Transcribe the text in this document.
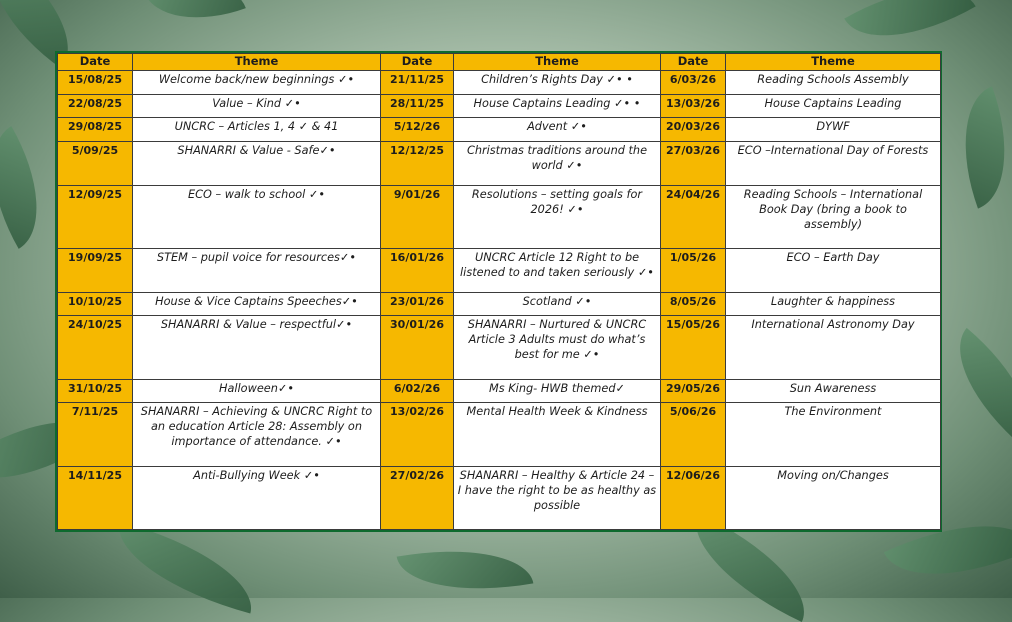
Date	Theme	Date	Theme	Date	Theme
15/08/25	Welcome back/new beginnings ✓•	21/11/25	Children’s Rights Day ✓• •	6/03/26	Reading Schools Assembly
22/08/25	Value – Kind ✓•	28/11/25	House Captains Leading ✓• •	13/03/26	House Captains Leading
29/08/25	UNCRC – Articles 1, 4 ✓ & 41	5/12/26	Advent ✓•	20/03/26	DYWF
5/09/25	SHANARRI & Value - Safe✓•	12/12/25	Christmas traditions around the world ✓•	27/03/26	ECO –International Day of Forests
12/09/25	ECO – walk to school ✓•	9/01/26	Resolutions – setting goals for 2026! ✓•	24/04/26	Reading Schools – International Book Day (bring a book to assembly)
19/09/25	STEM – pupil voice for resources✓•	16/01/26	UNCRC Article 12 Right to be listened to and taken seriously ✓•	1/05/26	ECO – Earth Day
10/10/25	House & Vice Captains Speeches✓•	23/01/26	Scotland ✓•	8/05/26	Laughter & happiness
24/10/25	SHANARRI & Value – respectful✓•	30/01/26	SHANARRI – Nurtured & UNCRC Article 3 Adults must do what’s best for me ✓•	15/05/26	International Astronomy Day
31/10/25	Halloween✓•	6/02/26	Ms King- HWB themed✓	29/05/26	Sun Awareness
7/11/25	SHANARRI – Achieving & UNCRC Right to an education Article 28: Assembly on importance of attendance. ✓•	13/02/26	Mental Health Week & Kindness	5/06/26	The Environment
14/11/25	Anti-Bullying Week ✓•	27/02/26	SHANARRI – Healthy & Article 24 – I have the right to be as healthy as possible	12/06/26	Moving on/Changes
